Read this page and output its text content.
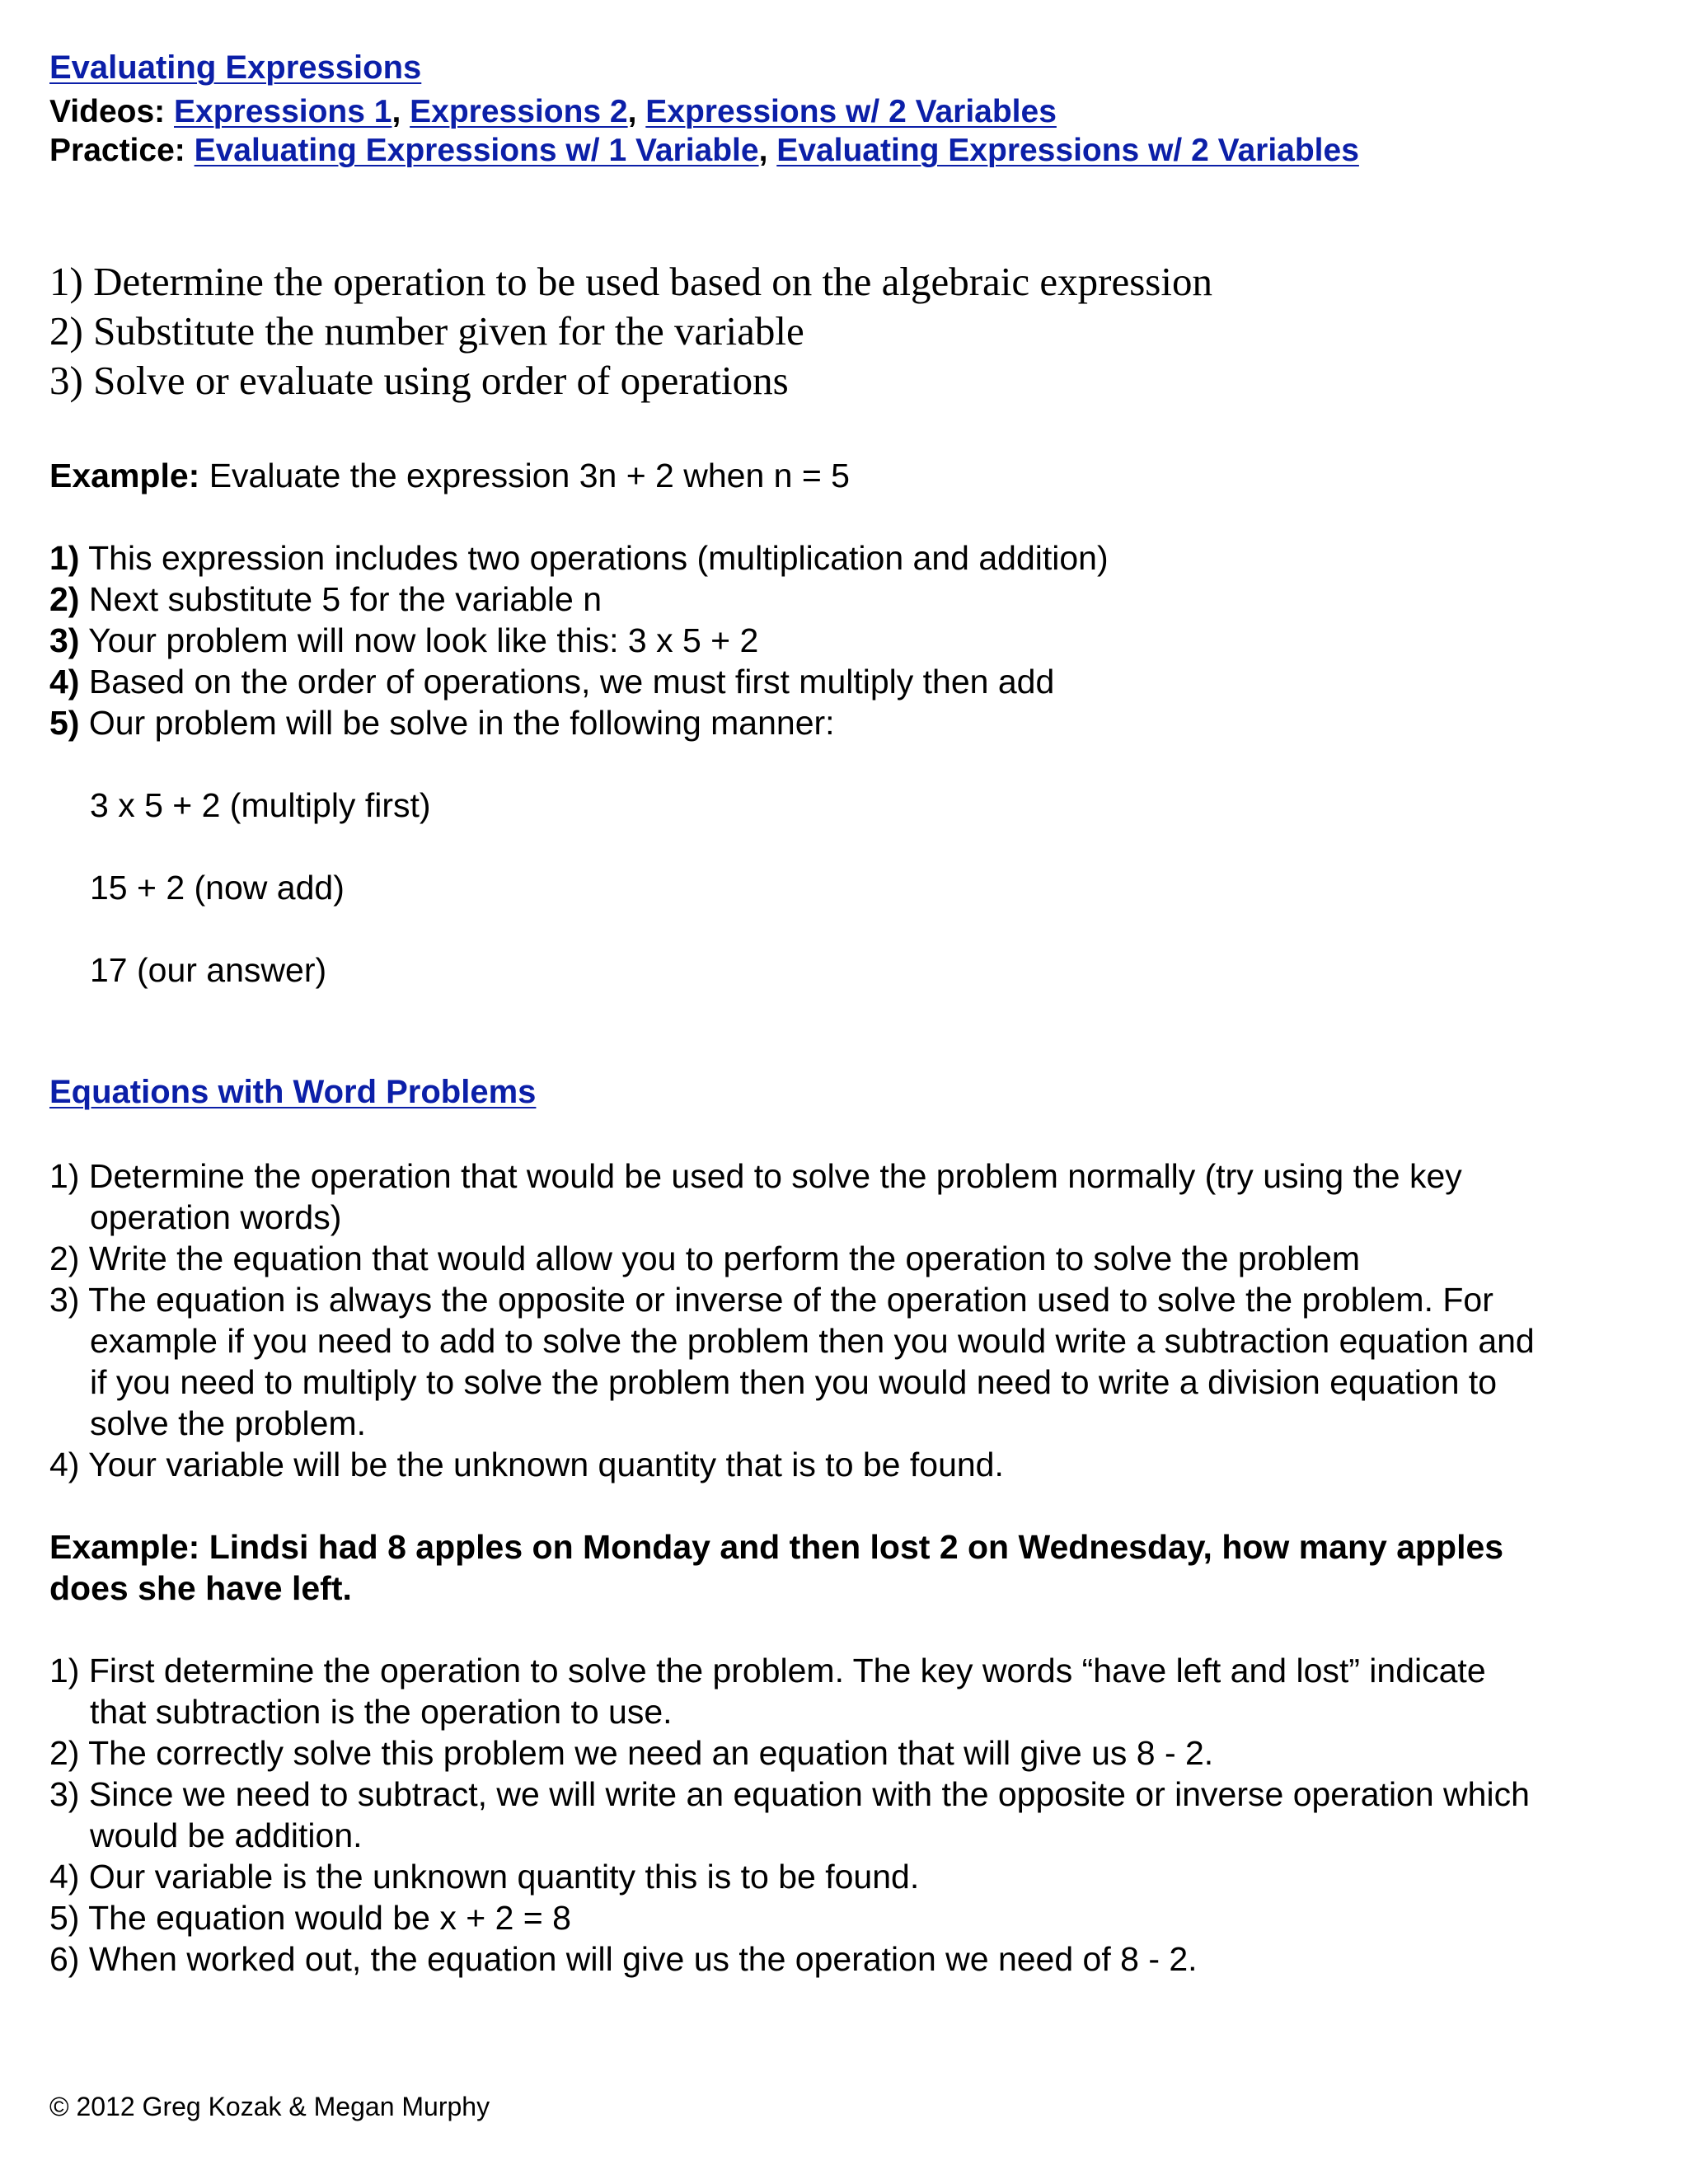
Evaluating Expressions
Videos: Expressions 1, Expressions 2, Expressions w/ 2 Variables
Practice: Evaluating Expressions w/ 1 Variable, Evaluating Expressions w/ 2 Variables
1) Determine the operation to be used based on the algebraic expression
2) Substitute the number given for the variable
3) Solve or evaluate using order of operations
Example: Evaluate the expression 3n + 2 when n = 5
1) This expression includes two operations (multiplication and addition)
2) Next substitute 5 for the variable n
3) Your problem will now look like this: 3 x 5 + 2
4) Based on the order of operations, we must first multiply then add
5) Our problem will be solve in the following manner:
3 x 5 + 2 (multiply first)
15 + 2 (now add)
17 (our answer)
Equations with Word Problems
1) Determine the operation that would be used to solve the problem normally (try using the key
operation words)
2) Write the equation that would allow you to perform the operation to solve the problem
3) The equation is always the opposite or inverse of the operation used to solve the problem. For
example if you need to add to solve the problem then you would write a subtraction equation and
if you need to multiply to solve the problem then you would need to write a division equation to
solve the problem.
4) Your variable will be the unknown quantity that is to be found.
Example: Lindsi had 8 apples on Monday and then lost 2 on Wednesday, how many apples
does she have left.
1) First determine the operation to solve the problem. The key words “have left and lost” indicate
that subtraction is the operation to use.
2) The correctly solve this problem we need an equation that will give us 8 - 2.
3) Since we need to subtract, we will write an equation with the opposite or inverse operation which
would be addition.
4) Our variable is the unknown quantity this is to be found.
5) The equation would be x + 2 = 8
6) When worked out, the equation will give us the operation we need of 8 - 2.
© 2012 Greg Kozak & Megan Murphy
